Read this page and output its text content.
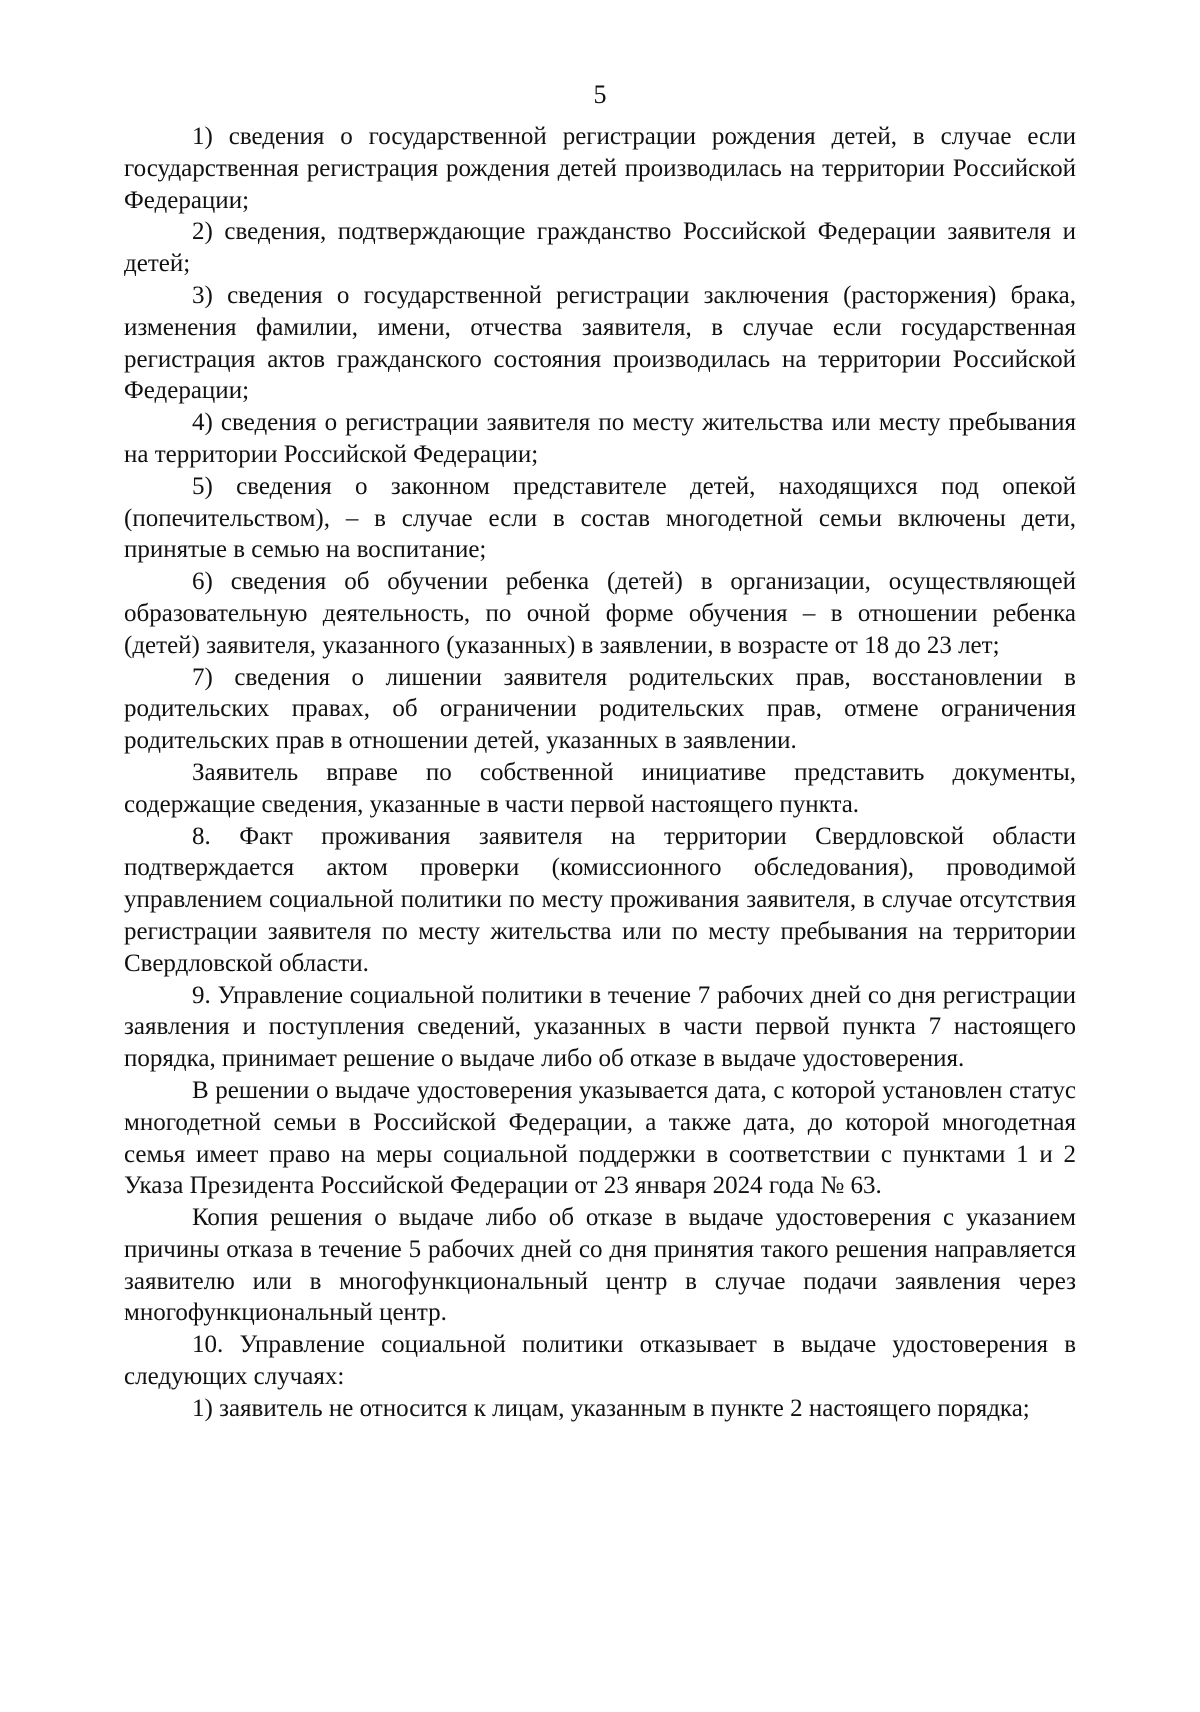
5

1) сведения о государственной регистрации рождения детей, в случае если государственная регистрация рождения детей производилась на территории Российской Федерации;

2) сведения, подтверждающие гражданство Российской Федерации заявителя и детей;

3) сведения о государственной регистрации заключения (расторжения) брака, изменения фамилии, имени, отчества заявителя, в случае если государственная регистрация актов гражданского состояния производилась на территории Российской Федерации;

4) сведения о регистрации заявителя по месту жительства или месту пребывания на территории Российской Федерации;

5) сведения о законном представителе детей, находящихся под опекой (попечительством), – в случае если в состав многодетной семьи включены дети, принятые в семью на воспитание;

6) сведения об обучении ребенка (детей) в организации, осуществляющей образовательную деятельность, по очной форме обучения – в отношении ребенка (детей) заявителя, указанного (указанных) в заявлении, в возрасте от 18 до 23 лет;

7) сведения о лишении заявителя родительских прав, восстановлении в родительских правах, об ограничении родительских прав, отмене ограничения родительских прав в отношении детей, указанных в заявлении.

Заявитель вправе по собственной инициативе представить документы, содержащие сведения, указанные в части первой настоящего пункта.

8. Факт проживания заявителя на территории Свердловской области подтверждается актом проверки (комиссионного обследования), проводимой управлением социальной политики по месту проживания заявителя, в случае отсутствия регистрации заявителя по месту жительства или по месту пребывания на территории Свердловской области.

9. Управление социальной политики в течение 7 рабочих дней со дня регистрации заявления и поступления сведений, указанных в части первой пункта 7 настоящего порядка, принимает решение о выдаче либо об отказе в выдаче удостоверения.

В решении о выдаче удостоверения указывается дата, с которой установлен статус многодетной семьи в Российской Федерации, а также дата, до которой многодетная семья имеет право на меры социальной поддержки в соответствии с пунктами 1 и 2 Указа Президента Российской Федерации от 23 января 2024 года № 63.

Копия решения о выдаче либо об отказе в выдаче удостоверения с указанием причины отказа в течение 5 рабочих дней со дня принятия такого решения направляется заявителю или в многофункциональный центр в случае подачи заявления через многофункциональный центр.

10. Управление социальной политики отказывает в выдаче удостоверения в следующих случаях:

1) заявитель не относится к лицам, указанным в пункте 2 настоящего порядка;
